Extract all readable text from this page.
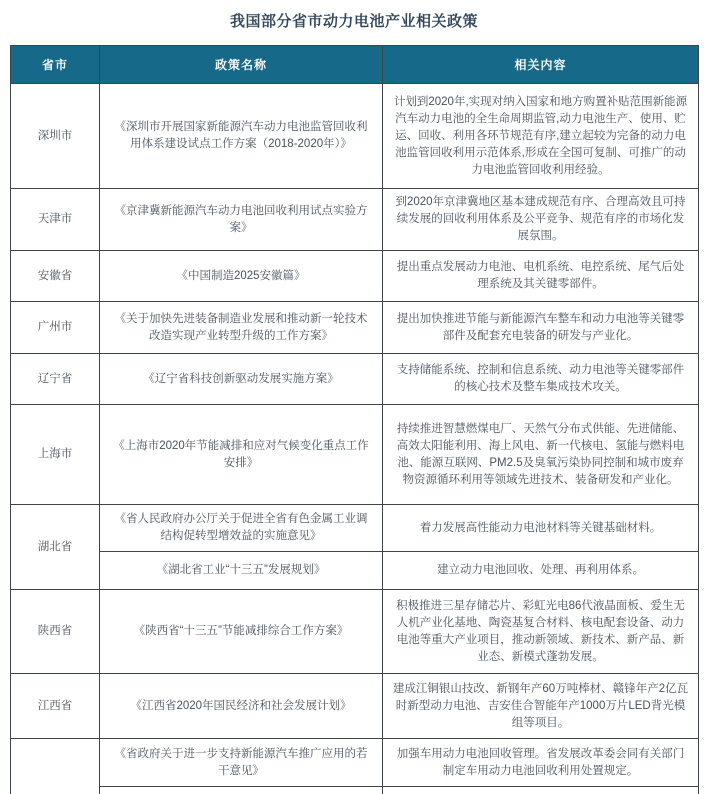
我国部分省市动力电池产业相关政策
省市	政策名称	相关内容
深圳市	《深圳市开展国家新能源汽车动力电池监管回收利用体系建设试点工作方案（2018-2020年）》	计划到2020年,实现对纳入国家和地方购置补贴范围新能源汽车动力电池的全生命周期监管,动力电池生产、使用、贮运、回收、利用各环节规范有序,建立起较为完备的动力电池监管回收利用示范体系,形成在全国可复制、可推广的动力电池监管回收利用经验。
天津市	《京津冀新能源汽车动力电池回收利用试点实验方案》	到2020年京津冀地区基本建成规范有序、合理高效且可持续发展的回收利用体系及公平竞争、规范有序的市场化发展氛围。
安徽省	《中国制造2025安徽篇》	提出重点发展动力电池、电机系统、电控系统、尾气后处理系统及其关键零部件。
广州市	《关于加快先进装备制造业发展和推动新一轮技术改造实现产业转型升级的工作方案》	提出加快推进节能与新能源汽车整车和动力电池等关键零部件及配套充电装备的研发与产业化。
辽宁省	《辽宁省科技创新驱动发展实施方案》	支持储能系统、控制和信息系统、动力电池等关键零部件的核心技术及整车集成技术攻关。
上海市	《上海市2020年节能减排和应对气候变化重点工作安排》	持续推进智慧燃煤电厂、天然气分布式供能、先进储能、高效太阳能利用、海上风电、新一代核电、氢能与燃料电池、能源互联网、PM2.5及臭氧污染协同控制和城市废弃物资源循环利用等领域先进技术、装备研发和产业化。
湖北省	《省人民政府办公厅关于促进全省有色金属工业调结构促转型增效益的实施意见》	着力发展高性能动力电池材料等关键基础材料。
	《湖北省工业“十三五”发展规划》	建立动力电池回收、处理、再利用体系。
陕西省	《陕西省“十三五”节能减排综合工作方案》	积极推进三星存储芯片、彩虹光电86代液晶面板、爱生无人机产业化基地、陶瓷基复合材料、核电配套设备、动力电池等重大产业项目，推动新领域、新技术、新产品、新业态、新模式蓬勃发展。
江西省	《江西省2020年国民经济和社会发展计划》	建成江铜银山技改、新钢年产60万吨棒材、赣锋年产2亿瓦时新型动力电池、吉安佳合智能年产1000万片LED背光模组等项目。
	《省政府关于进一步支持新能源汽车推广应用的若干意见》	加强车用动力电池回收管理。省发展改革委会同有关部门制定车用动力电池回收利用处置规定。
